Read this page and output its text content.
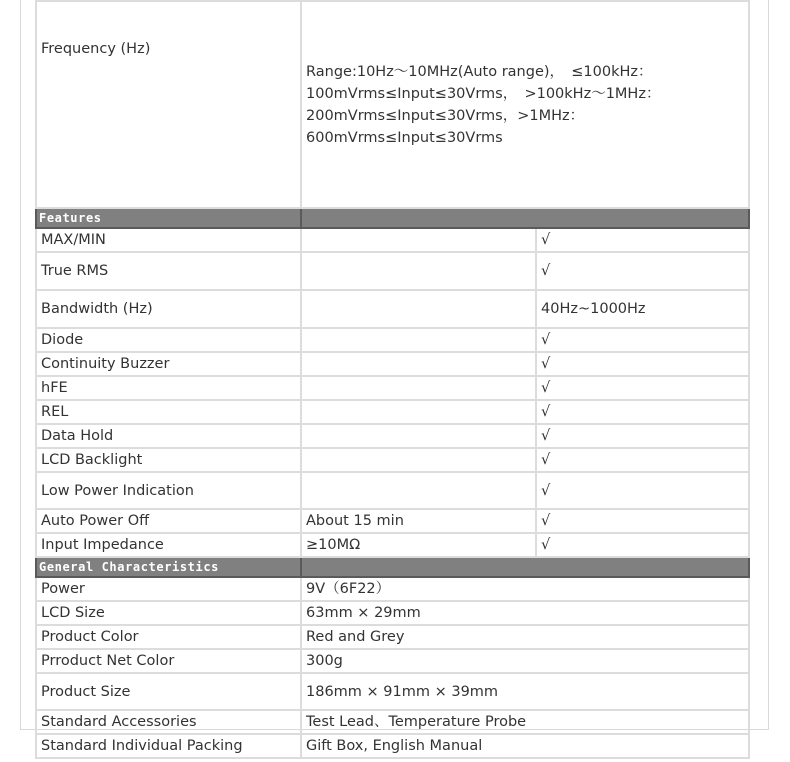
Frequency (Hz)	Range:10Hz～10MHz(Auto range)，　≤100kHz：100mVrms≤Input≤30Vrms，　>100kHz～1MHz：200mVrms≤Input≤30Vrms，>1MHz：600mVrms≤Input≤30Vrms	
Features		
MAX/MIN		√
True RMS		√
Bandwidth (Hz)		40Hz~1000Hz
Diode		√
Continuity Buzzer		√
hFE		√
REL		√
Data Hold		√
LCD Backlight		√
Low Power Indication		√
Auto Power Off	About 15 min	√
Input Impedance	≥10MΩ	√
General Characteristics		
Power	9V（6F22）	
LCD Size	63mm × 29mm	
Product Color	Red and Grey	
Prroduct Net Color	300g	
Product Size	186mm × 91mm × 39mm	
Standard Accessories	Test Lead、Temperature Probe	
Standard Individual Packing	Gift Box, English Manual	
